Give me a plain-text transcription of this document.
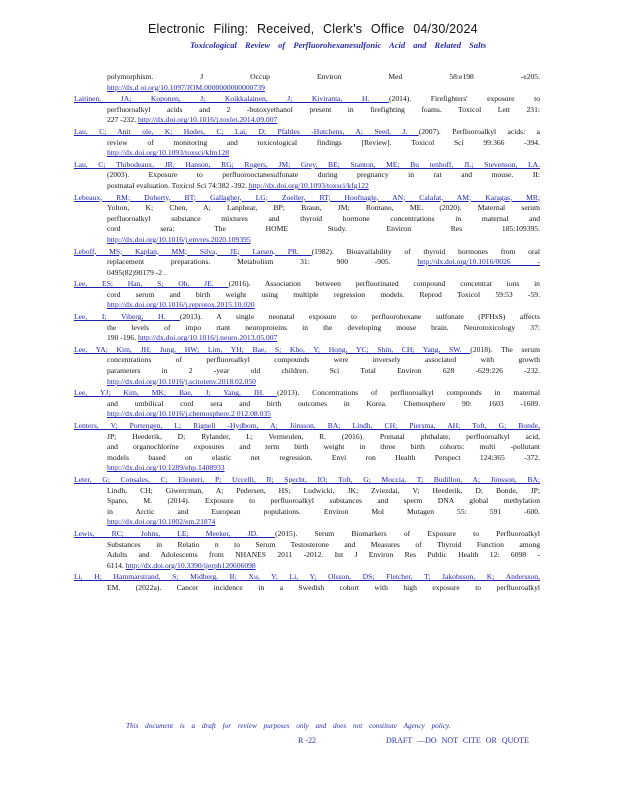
Electronic Filing: Received, Clerk's Office 04/30/2024
Toxicological Review of Perfluorohexanesulfonic Acid and Related Salts
polymorphism. J Occup Environ Med 58:e198 -e205.
http://dx.d oi.org/10.1097/JOM.0000000000000739
Laitinen, JA; Koponen, J; Koikkalainen, J; Kiviranta, H. (2014). Firefighters' exposure to
perfluoroalkyl acids and 2 -butoxyethanol present in firefighting foams. Toxicol Lett 231:
227 -232. http://dx.doi.org/10.1016/j.toxlet.2014.09.007
Lau, C; Anit ole, K; Hodes, C; Lai, D; Pfahles -Hutchens, A; Seed, J. (2007). Perfluoroalkyl acids: a
review of monitoring and toxicological findings [Review]. Toxicol Sci 99:366 -394.
http://dx.doi.org/10.1093/toxsci/kfm128
Lau, C; Thibodeaux, JR; Hanson, RG; Rogers, JM; Grey, BE; Stanton, ME; Bu tenhoff, JL; Stevenson, LA.
(2003). Exposure to perfluorooctanesulfonate during pregnancy in rat and mouse. II:
postnatal evaluation. Toxicol Sci 74:382 -392. http://dx.doi.org/10.1093/toxsci/kfg122
Lebeaux, RM; Doherty, BT; Gallagher, LG; Zoeller, RT; Hoofnagle, AN; Calafat, AM; Karagas, MR;
Yolton, K; Chen, A; Lanphear, BP; Braun, JM; Romano, ME. (2020). Maternal serum
perfluoroalkyl substance mixtures and thyroid hormone concentrations in maternal and
cord sera: The HOME Study. Environ Res 185:109395.
http://dx.doi.org/10.1016/j.envres.2020.109395
Leboff, MS; Kaplan, MM; Silva, JE; Larsen, PR. (1982). Bioavailability of thyroid hormones from oral
replacement preparations. Metabolism 31: 900 -905. http://dx.doi.org/10.1016/0026 -
0495(82)90179 -2 .
Lee, ES; Han, S; Oh, JE. (2016). Association between perfluorinated compound concentrat ions in
cord serum and birth weight using multiple regression models. Reprod Toxicol 59:53 -59.
http://dx.doi.org/10.1016/j.reprotox.2015.10.020
Lee, I; Viberg, H. (2013). A single neonatal exposure to perfluorohexane sulfonate (PFHxS) affects
the levels of impo rtant neuroproteins in the developing mouse brain. Neurotoxicology 37:
190 -196. http://dx.doi.org/10.1016/j.neuro.2013.05.007
Lee, YA; Kim, JH; Jung, HW; Lim, YH; Bae, S; Kho, Y; Hong, YC; Shin, CH; Yang, SW. (2018). The serum
concentrations of perfluoroalkyl compounds were inversely associated with growth
parameters in 2 -year old children. Sci Total Environ 628 -629:226 -232.
http://dx.doi.org/10.1016/j.scitotenv.2018.02.050
Lee, YJ; Kim, MK; Bae, J; Yang, JH. (2013). Concentrations of perfluoroalkyl compounds in maternal
and umbilical cord sera and birth outcomes in Korea. Chemosphere 90: 1603 -1609.
http://dx.doi.org/10.1016/j.chemosphere.2 012.08.035
Lenters, V; Portengen, L; Rignell -Hydbom, A; Jönsson, BA; Lindh, CH; Piersma, AH; Toft, G; Bonde,
JP; Heederik, D; Rylander, L; Vermeulen, R. (2016). Prenatal phthalate, perfluoroalkyl acid,
and organochlorine exposures and term birth weight in three birth cohorts: multi -pollutant
models based on elastic net regression. Envi ron Health Perspect 124:365 -372.
http://dx.doi.org/10.1289/ehp.1408933
Leter, G; Consales, C; Eleuteri, P; Uccelli, R; Specht, IO; Toft, G; Moccia, T; Budillon, A; Jönsson, BA;
Lindh, CH; Giwercman, A; Pedersen, HS; Ludwicki, JK; Zviezdai, V; Heederik, D; Bonde, JP;
Spano, M. (2014). Exposure to perfluoroalkyl substances and sperm DNA global methylation
in Arctic and European populations. Environ Mol Mutagen 55: 591 -600.
http://dx.doi.org/10.1002/em.21874
Lewis, RC; Johns, LE; Meeker, JD. (2015). Serum Biomarkers of Exposure to Perfluoroalkyl
Substances in Relatio n to Serum Testosterone and Measures of Thyroid Function among
Adults and Adolescents from NHANES 2011 -2012. Int J Environ Res Public Health 12: 6098 -
6114. http://dx.doi.org/10.3390/ijerph120606098
Li, H; Hammarstrand, S; Midberg, B; Xu, Y; Li, Y; Olsson, DS; Fletcher, T; Jakobsson, K; Andersson,
EM. (2022a). Cancer incidence in a Swedish cohort with high exposure to perfluoroalkyl
This document is a draft for review purposes only and does not constitute Agency policy.
R -22	DRAFT —DO NOT CITE OR QUOTE
